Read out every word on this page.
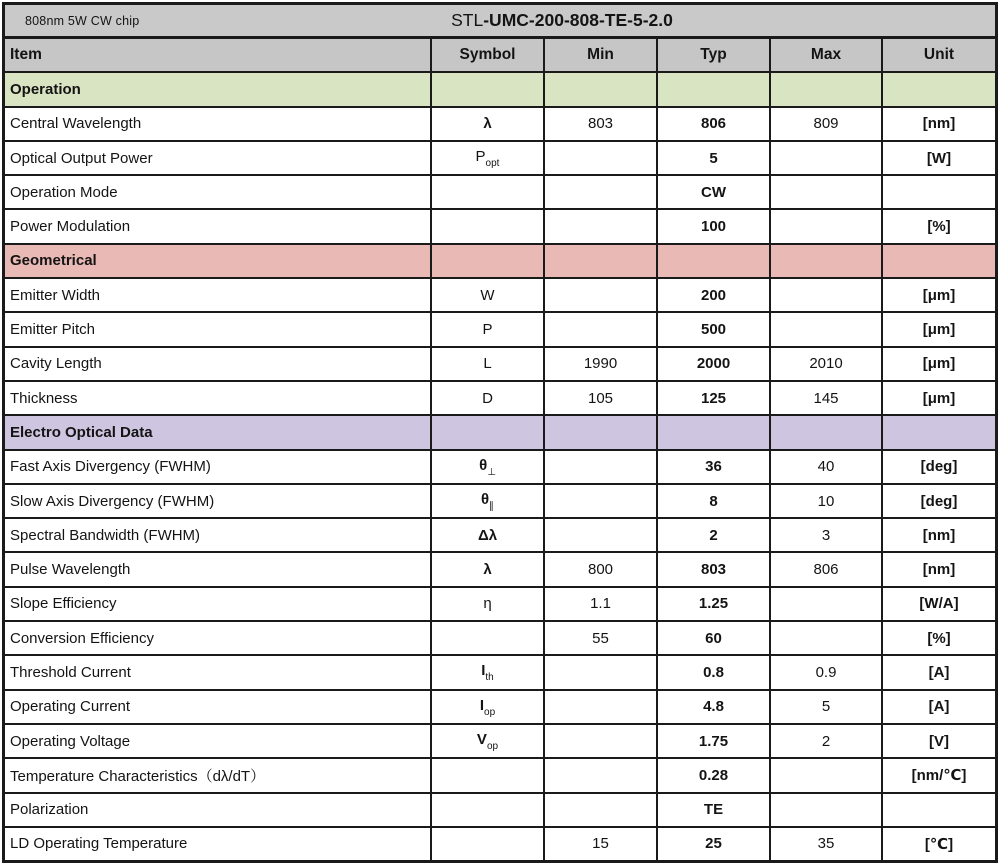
808nm 5W CW chip	STL -UMC-200-808-TE-5-2.0
Item	Symbol	Min	Typ	Max	Unit
Operation					
Central Wavelength	λ	803	806	809	[nm]
Optical Output Power	$P_{opt}$		5		[W]
Operation Mode			CW		
Power Modulation			100		[%]
Geometrical					
Emitter Width	W		200		[μm]
Emitter Pitch	P		500		[μm]
Cavity Length	L	1990	2000	2010	[μm]
Thickness	D	105	125	145	[μm]
Electro Optical Data					
Fast Axis Divergency (FWHM)	$\theta_\perp$		36	40	[deg]
Slow Axis Divergency (FWHM)	$\theta_\parallel$		8	10	[deg]
Spectral Bandwidth (FWHM)	Δλ		2	3	[nm]
Pulse Wavelength	λ	800	803	806	[nm]
Slope Efficiency	η	1.1	1.25		[W/A]
Conversion Efficiency		55	60		[%]
Threshold Current	$I_{th}$		0.8	0.9	[A]
Operating Current	$I_{op}$		4.8	5	[A]
Operating Voltage	$V_{op}$		1.75	2	[V]
Temperature Characteristics（dλ/dT）			0.28		[nm/℃]
Polarization			TE		
LD Operating Temperature		15	25	35	[℃]
